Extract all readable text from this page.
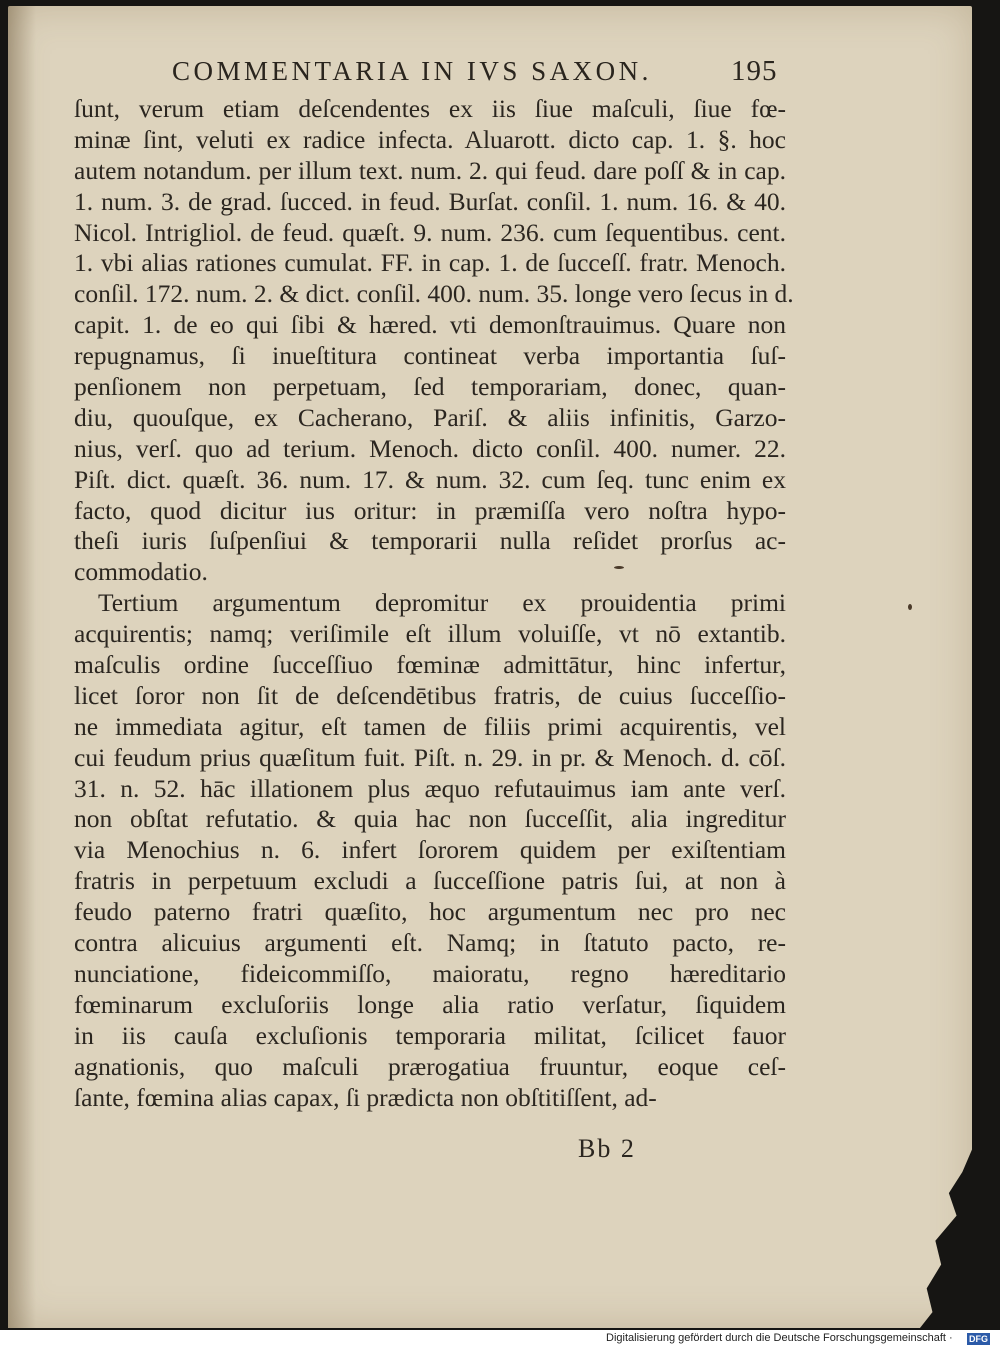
COMMENTARIA IN IVS SAXON.	195
ſunt, verum etiam deſcendentes ex iis ſiue maſculi, ſiue fœ-
minæ ſint, veluti ex radice infecta. Aluarott. dicto cap. 1. §. hoc
autem notandum. per illum text. num. 2. qui feud. dare poſſ & in cap.
1. num. 3. de grad. ſucced. in feud. Burſat. conſil. 1. num. 16. & 40.
Nicol. Intrigliol. de feud. quæſt. 9. num. 236. cum ſequentibus. cent.
1. vbi alias rationes cumulat. FF. in cap. 1. de ſucceſſ. fratr. Menoch.
conſil. 172. num. 2. & dict. conſil. 400. num. 35. longe vero ſecus in d.
capit. 1. de eo qui ſibi & hæred. vti demonſtrauimus. Quare non
repugnamus, ſi inueſtitura contineat verba importantia ſuſ-
penſionem non perpetuam, ſed temporariam, donec, quan-
diu, quouſque, ex Cacherano, Pariſ. & aliis infinitis, Garzo-
nius, verſ. quo ad terium. Menoch. dicto conſil. 400. numer. 22.
Piſt. dict. quæſt. 36. num. 17. & num. 32. cum ſeq. tunc enim ex
facto, quod dicitur ius oritur: in præmiſſa vero noſtra hypo-
theſi iuris ſuſpenſiui & temporarii nulla reſidet prorſus ac-
commodatio.
Tertium argumentum depromitur ex prouidentia primi
acquirentis; namq; veriſimile eſt illum voluiſſe, vt nō extantib.
maſculis ordine ſucceſſiuo fœminæ admittātur, hinc infertur,
licet ſoror non ſit de deſcendētibus fratris, de cuius ſucceſſio-
ne immediata agitur, eſt tamen de filiis primi acquirentis, vel
cui feudum prius quæſitum fuit. Piſt. n. 29. in pr. & Menoch. d. cōſ.
31. n. 52. hāc illationem plus æquo refutauimus iam ante verſ.
non obſtat refutatio. & quia hac non ſucceſſit, alia ingreditur
via Menochius n. 6. infert ſororem quidem per exiſtentiam
fratris in perpetuum excludi a ſucceſſione patris ſui, at non à
feudo paterno fratri quæſito, hoc argumentum nec pro nec
contra alicuius argumenti eſt. Namq; in ſtatuto pacto, re-
nunciatione, fideicommiſſo, maioratu, regno hæreditario
fœminarum excluſoriis longe alia ratio verſatur, ſiquidem
in iis cauſa excluſionis temporaria militat, ſcilicet fauor
agnationis, quo maſculi prærogatiua fruuntur, eoque ceſ-
ſante, fœmina alias capax, ſi prædicta non obſtitiſſent, ad-
Bb 2
Digitalisierung gefördert durch die Deutsche Forschungsgemeinschaft · DFG
